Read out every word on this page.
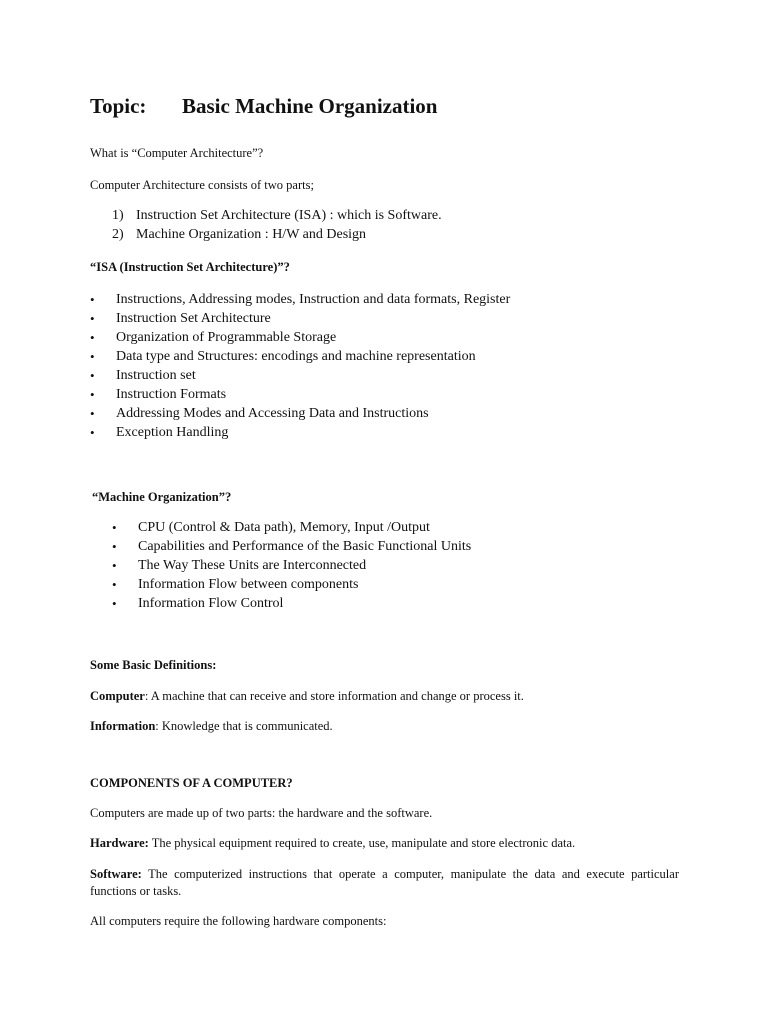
Topic: Basic Machine Organization

What is “Computer Architecture”?

Computer Architecture consists of two parts;

1) Instruction Set Architecture (ISA) : which is Software.
2) Machine Organization : H/W and Design

“ISA (Instruction Set Architecture)”?

• Instructions, Addressing modes, Instruction and data formats, Register
• Instruction Set Architecture
• Organization of Programmable Storage
• Data type and Structures: encodings and machine representation
• Instruction set
• Instruction Formats
• Addressing Modes and Accessing Data and Instructions
• Exception Handling

“Machine Organization”?

• CPU (Control & Data path), Memory, Input /Output
• Capabilities and Performance of the Basic Functional Units
• The Way These Units are Interconnected
• Information Flow between components
• Information Flow Control

Some Basic Definitions:

Computer: A machine that can receive and store information and change or process it.

Information: Knowledge that is communicated.

COMPONENTS OF A COMPUTER?

Computers are made up of two parts: the hardware and the software.

Hardware: The physical equipment required to create, use, manipulate and store electronic data.

Software: The computerized instructions that operate a computer, manipulate the data and execute particular functions or tasks.

All computers require the following hardware components:
